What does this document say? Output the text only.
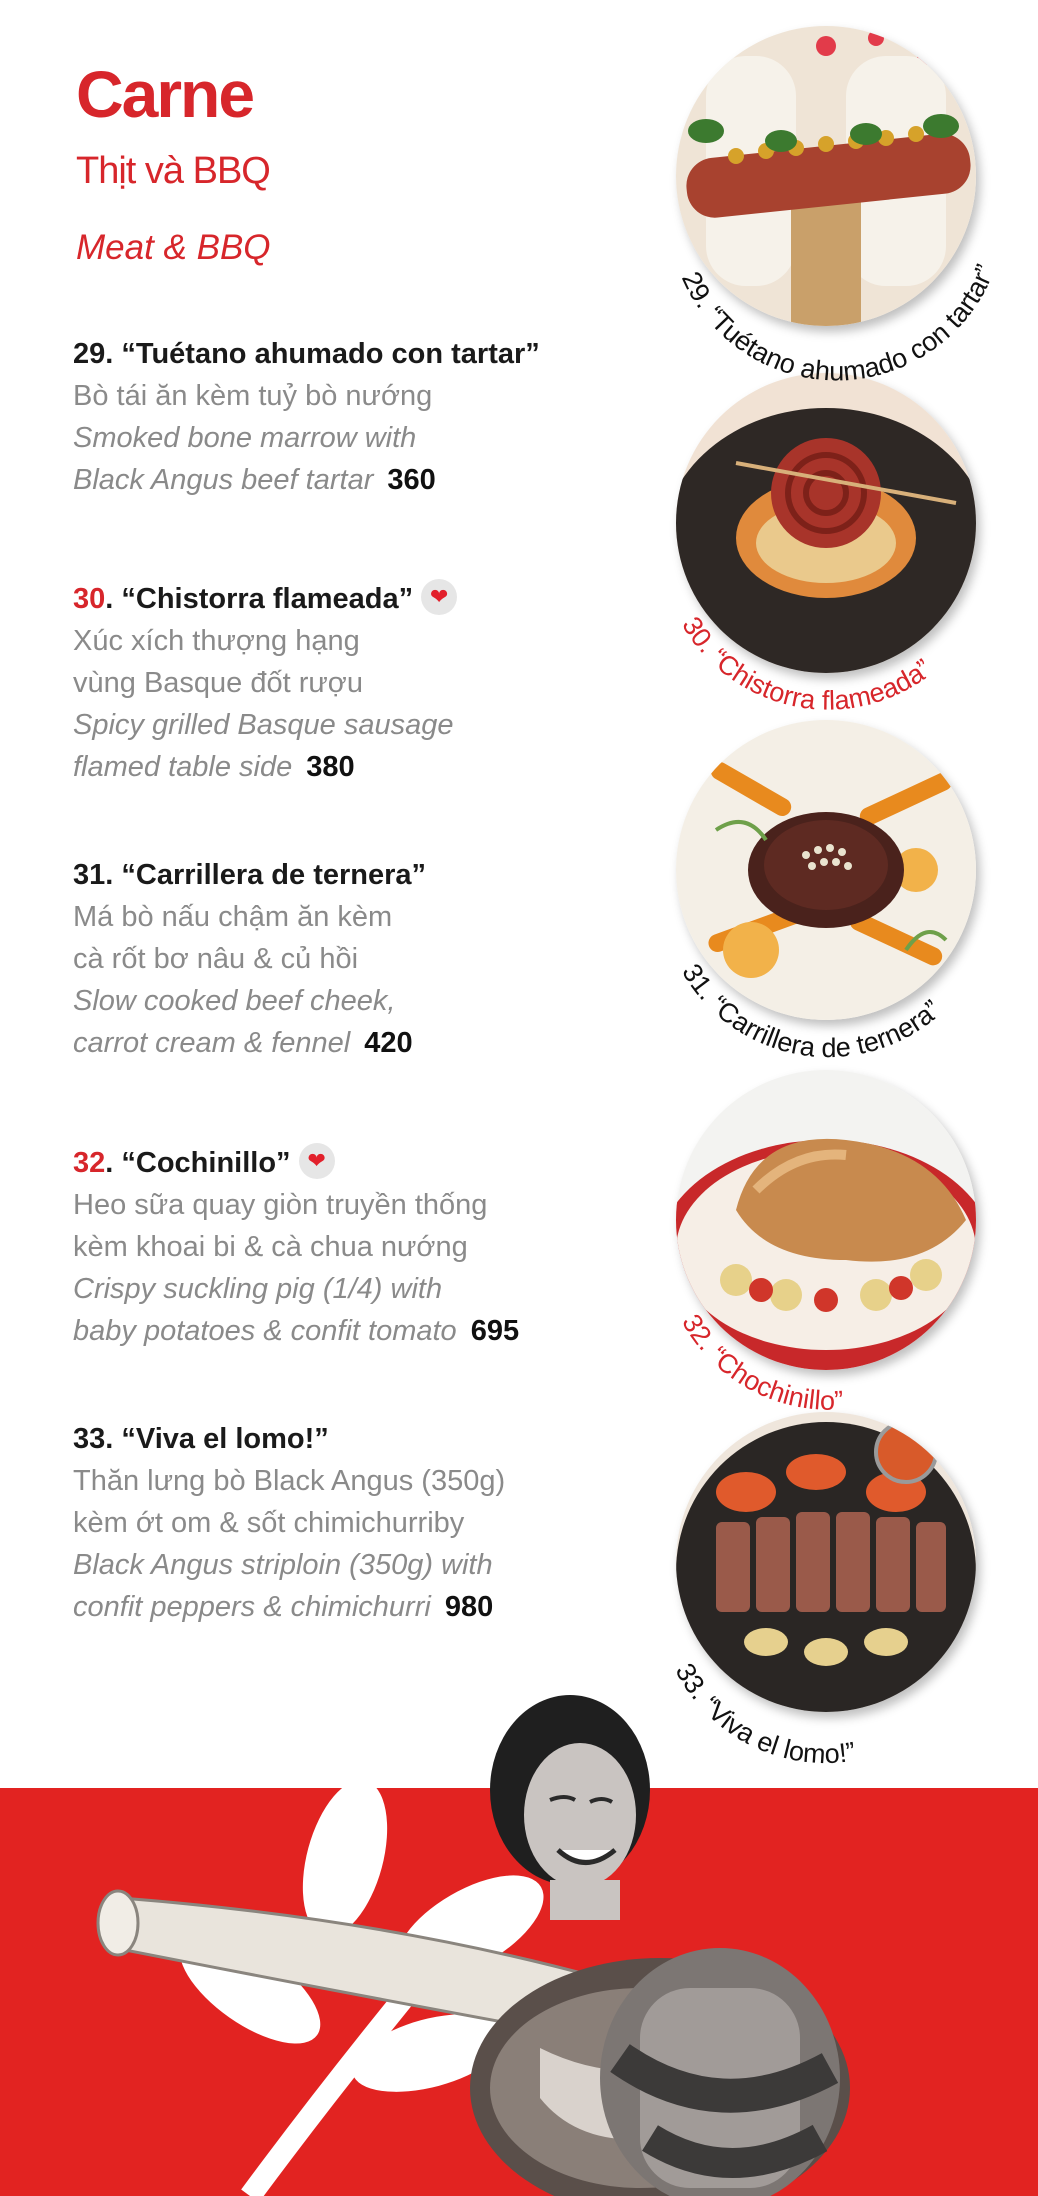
Carne
Thịt và BBQ
Meat & BBQ
29. “Tuétano ahumado con tartar”
Bò tái ăn kèm tuỷ bò nướng
Smoked bone marrow with
Black Angus beef tartar 360
30. “Chistorra flameada” ❤
Xúc xích thượng hạng
vùng Basque đốt rượu
Spicy grilled Basque sausage
flamed table side 380
31. “Carrillera de ternera”
Má bò nấu chậm ăn kèm
cà rốt bơ nâu & củ hồi
Slow cooked beef cheek,
carrot cream & fennel 420
32. “Cochinillo” ❤
Heo sữa quay giòn truyền thống
kèm khoai bi & cà chua nướng
Crispy suckling pig (1/4) with
baby potatoes & confit tomato 695
33. “Viva el lomo!”
Thăn lưng bò Black Angus (350g)
kèm ớt om & sốt chimichurriby
Black Angus striploin (350g) with
confit peppers & chimichurri 980
29. “Tuétano ahumado con tartar”
30. “Chistorra flameada”
31. “Carrillera de ternera”
32. “Chochinillo”
33. “Viva el lomo!”
